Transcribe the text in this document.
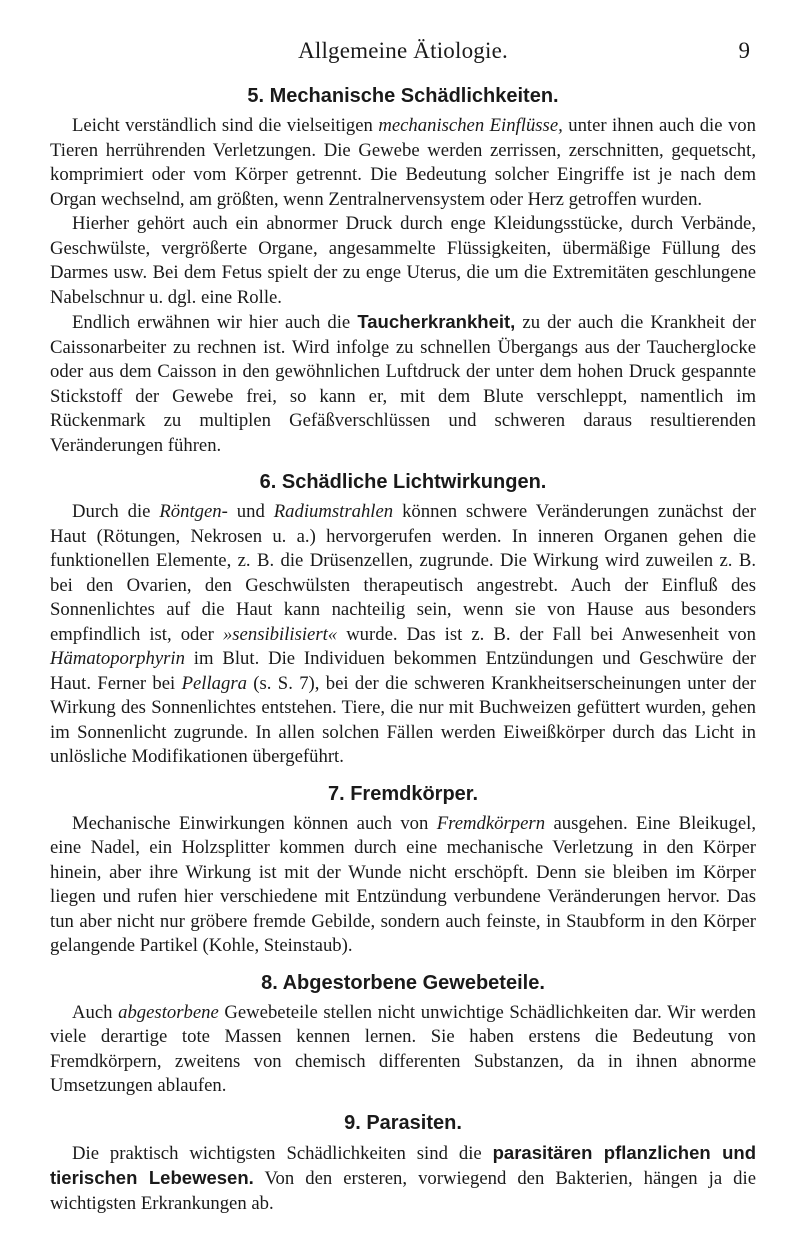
Allgemeine Ätiologie.	9
5. Mechanische Schädlichkeiten.

Leicht verständlich sind die vielseitigen mechanischen Einflüsse, unter ihnen auch die von Tieren herrührenden Verletzungen. Die Gewebe werden zerrissen, zerschnitten, gequetscht, komprimiert oder vom Körper getrennt. Die Bedeutung solcher Eingriffe ist je nach dem Organ wechselnd, am größten, wenn Zentralnervensystem oder Herz getroffen wurden.

Hierher gehört auch ein abnormer Druck durch enge Kleidungsstücke, durch Verbände, Geschwülste, vergrößerte Organe, angesammelte Flüssigkeiten, übermäßige Füllung des Darmes usw. Bei dem Fetus spielt der zu enge Uterus, die um die Extremitäten geschlungene Nabelschnur u. dgl. eine Rolle.

Endlich erwähnen wir hier auch die Taucherkrankheit, zu der auch die Krankheit der Caissonarbeiter zu rechnen ist. Wird infolge zu schnellen Übergangs aus der Taucherglocke oder aus dem Caisson in den gewöhnlichen Luftdruck der unter dem hohen Druck gespannte Stickstoff der Gewebe frei, so kann er, mit dem Blute verschleppt, namentlich im Rückenmark zu multiplen Gefäßverschlüssen und schweren daraus resultierenden Veränderungen führen.

6. Schädliche Lichtwirkungen.

Durch die Röntgen- und Radiumstrahlen können schwere Veränderungen zunächst der Haut (Rötungen, Nekrosen u. a.) hervorgerufen werden. In inneren Organen gehen die funktionellen Elemente, z. B. die Drüsenzellen, zugrunde. Die Wirkung wird zuweilen z. B. bei den Ovarien, den Geschwülsten therapeutisch angestrebt. Auch der Einfluß des Sonnenlichtes auf die Haut kann nachteilig sein, wenn sie von Hause aus besonders empfindlich ist, oder »sensibilisiert« wurde. Das ist z. B. der Fall bei Anwesenheit von Hämatoporphyrin im Blut. Die Individuen bekommen Entzündungen und Geschwüre der Haut. Ferner bei Pellagra (s. S. 7), bei der die schweren Krankheitserscheinungen unter der Wirkung des Sonnenlichtes entstehen. Tiere, die nur mit Buchweizen gefüttert wurden, gehen im Sonnenlicht zugrunde. In allen solchen Fällen werden Eiweißkörper durch das Licht in unlösliche Modifikationen übergeführt.

7. Fremdkörper.

Mechanische Einwirkungen können auch von Fremdkörpern ausgehen. Eine Bleikugel, eine Nadel, ein Holzsplitter kommen durch eine mechanische Verletzung in den Körper hinein, aber ihre Wirkung ist mit der Wunde nicht erschöpft. Denn sie bleiben im Körper liegen und rufen hier verschiedene mit Entzündung verbundene Veränderungen hervor. Das tun aber nicht nur gröbere fremde Gebilde, sondern auch feinste, in Staubform in den Körper gelangende Partikel (Kohle, Steinstaub).

8. Abgestorbene Gewebeteile.

Auch abgestorbene Gewebeteile stellen nicht unwichtige Schädlichkeiten dar. Wir werden viele derartige tote Massen kennen lernen. Sie haben erstens die Bedeutung von Fremdkörpern, zweitens von chemisch differenten Substanzen, da in ihnen abnorme Umsetzungen ablaufen.

9. Parasiten.

Die praktisch wichtigsten Schädlichkeiten sind die parasitären pflanzlichen und tierischen Lebewesen. Von den ersteren, vorwiegend den Bakterien, hängen ja die wichtigsten Erkrankungen ab.
